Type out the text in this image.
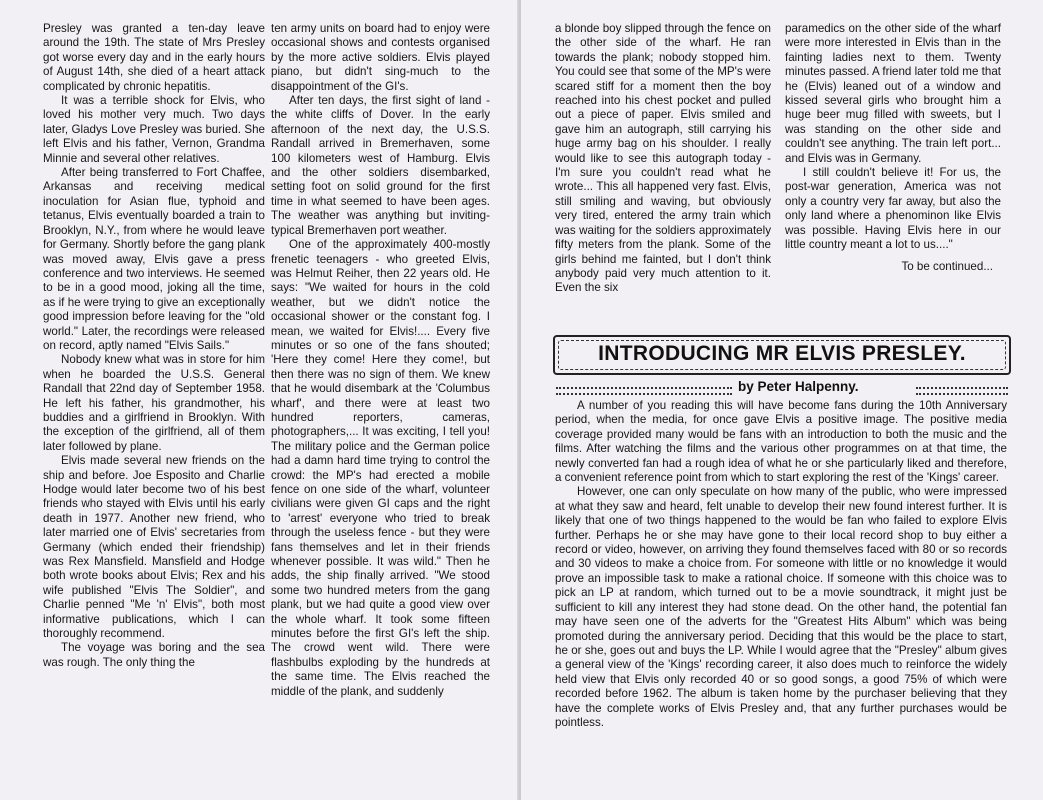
Presley was granted a ten-day leave around the 19th. The state of Mrs Presley got worse every day and in the early hours of August 14th, she died of a heart attack complicated by chronic hepatitis.

It was a terrible shock for Elvis, who loved his mother very much. Two days later, Gladys Love Presley was buried. She left Elvis and his father, Vernon, Grandma Minnie and several other relatives.

After being transferred to Fort Chaffee, Arkansas and receiving medical inoculation for Asian flue, typhoid and tetanus, Elvis eventually boarded a train to Brooklyn, N.Y., from where he would leave for Germany. Shortly before the gang plank was moved away, Elvis gave a press conference and two interviews. He seemed to be in a good mood, joking all the time, as if he were trying to give an exceptionally good impression before leaving for the "old world." Later, the recordings were released on record, aptly named "Elvis Sails."

Nobody knew what was in store for him when he boarded the U.S.S. General Randall that 22nd day of September 1958. He left his father, his grandmother, his buddies and a girlfriend in Brooklyn. With the exception of the girlfriend, all of them later followed by plane.

Elvis made several new friends on the ship and before. Joe Esposito and Charlie Hodge would later become two of his best friends who stayed with Elvis until his early death in 1977. Another new friend, who later married one of Elvis' secretaries from Germany (which ended their friendship) was Rex Mansfield. Mansfield and Hodge both wrote books about Elvis; Rex and his wife published "Elvis The Soldier", and Charlie penned "Me 'n' Elvis", both most informative publications, which I can thoroughly recommend.

The voyage was boring and the sea was rough. The only thing the

ten army units on board had to enjoy were occasional shows and contests organised by the more active soldiers. Elvis played piano, but didn't sing-much to the disappointment of the GI's.

After ten days, the first sight of land - the white cliffs of Dover. In the early afternoon of the next day, the U.S.S. Randall arrived in Bremerhaven, some 100 kilometers west of Hamburg. Elvis and the other soldiers disembarked, setting foot on solid ground for the first time in what seemed to have been ages. The weather was anything but inviting-typical Bremerhaven port weather.

One of the approximately 400-mostly frenetic teenagers - who greeted Elvis, was Helmut Reiher, then 22 years old. He says: "We waited for hours in the cold weather, but we didn't notice the occasional shower or the constant fog. I mean, we waited for Elvis!.... Every five minutes or so one of the fans shouted; 'Here they come! Here they come!, but then there was no sign of them. We knew that he would disembark at the 'Columbus wharf', and there were at least two hundred reporters, cameras, photographers,... It was exciting, I tell you! The military police and the German police had a damn hard time trying to control the crowd: the MP's had erected a mobile fence on one side of the wharf, volunteer civilians were given GI caps and the right to 'arrest' everyone who tried to break through the useless fence - but they were fans themselves and let in their friends whenever possible. It was wild." Then he adds, the ship finally arrived. "We stood some two hundred meters from the gang plank, but we had quite a good view over the whole wharf. It took some fifteen minutes before the first GI's left the ship. The crowd went wild. There were flashbulbs exploding by the hundreds at the same time. The Elvis reached the middle of the plank, and suddenly

a blonde boy slipped through the fence on the other side of the wharf. He ran towards the plank; nobody stopped him. You could see that some of the MP's were scared stiff for a moment then the boy reached into his chest pocket and pulled out a piece of paper. Elvis smiled and gave him an autograph, still carrying his huge army bag on his shoulder. I really would like to see this autograph today - I'm sure you couldn't read what he wrote... This all happened very fast. Elvis, still smiling and waving, but obviously very tired, entered the army train which was waiting for the soldiers approximately fifty meters from the plank. Some of the girls behind me fainted, but I don't think anybody paid very much attention to it. Even the six

paramedics on the other side of the wharf were more interested in Elvis than in the fainting ladies next to them. Twenty minutes passed. A friend later told me that he (Elvis) leaned out of a window and kissed several girls who brought him a huge beer mug filled with sweets, but I was standing on the other side and couldn't see anything. The train left port... and Elvis was in Germany.

I still couldn't believe it! For us, the post-war generation, America was not only a country very far away, but also the only land where a phenominon like Elvis was possible. Having Elvis here in our little country meant a lot to us...."

To be continued...

INTRODUCING MR ELVIS PRESLEY.
by Peter Halpenny.

A number of you reading this will have become fans during the 10th Anniversary period, when the media, for once gave Elvis a positive image. The positive media coverage provided many would be fans with an introduction to both the music and the films. After watching the films and the various other programmes on at that time, the newly converted fan had a rough idea of what he or she particularly liked and therefore, a convenient reference point from which to start exploring the rest of the 'Kings' career.

However, one can only speculate on how many of the public, who were impressed at what they saw and heard, felt unable to develop their new found interest further. It is likely that one of two things happened to the would be fan who failed to explore Elvis further. Perhaps he or she may have gone to their local record shop to buy either a record or video, however, on arriving they found themselves faced with 80 or so records and 30 videos to make a choice from. For someone with little or no knowledge it would prove an impossible task to make a rational choice. If someone with this choice was to pick an LP at random, which turned out to be a movie soundtrack, it might just be sufficient to kill any interest they had stone dead. On the other hand, the potential fan may have seen one of the adverts for the "Greatest Hits Album" which was being promoted during the anniversary period. Deciding that this would be the place to start, he or she, goes out and buys the LP. While I would agree that the "Presley" album gives a general view of the 'Kings' recording career, it also does much to reinforce the widely held view that Elvis only recorded 40 or so good songs, a good 75% of which were recorded before 1962. The album is taken home by the purchaser believing that they have the complete works of Elvis Presley and, that any further purchases would be pointless.
